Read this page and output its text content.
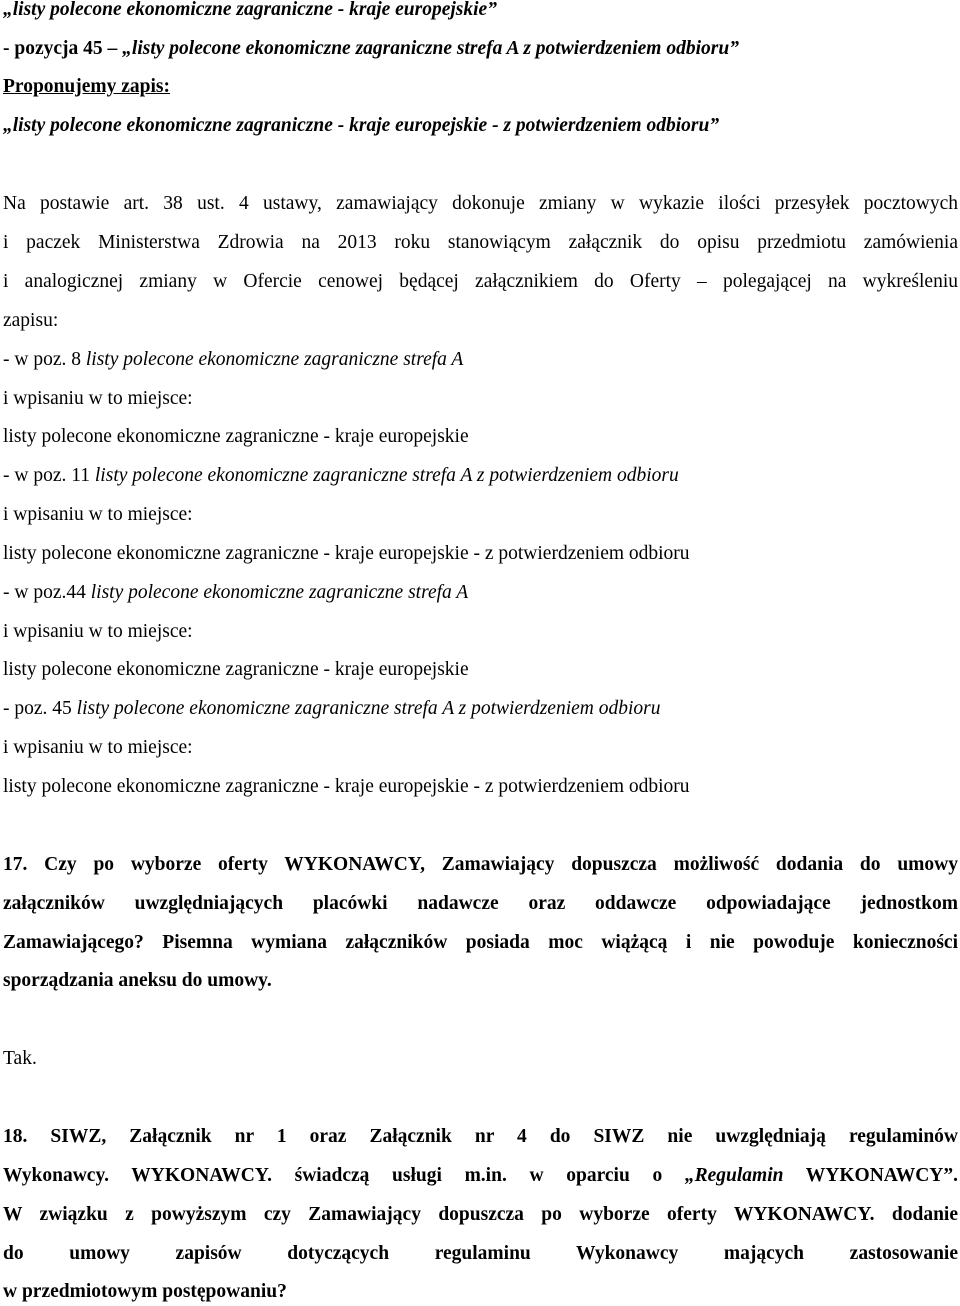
„listy polecone ekonomiczne zagraniczne - kraje europejskie”
- pozycja 45 – „listy polecone ekonomiczne zagraniczne strefa A z potwierdzeniem odbioru”
Proponujemy zapis:
„listy polecone ekonomiczne zagraniczne - kraje europejskie - z potwierdzeniem odbioru”
Na postawie art. 38 ust. 4 ustawy, zamawiający dokonuje zmiany w wykazie ilości przesyłek pocztowych
i paczek Ministerstwa Zdrowia na 2013 roku stanowiącym załącznik do opisu przedmiotu zamówienia
i analogicznej zmiany w Ofercie cenowej będącej załącznikiem do Oferty – polegającej na wykreśleniu
zapisu:
- w poz. 8 listy polecone ekonomiczne zagraniczne strefa A
i wpisaniu w to miejsce:
listy polecone ekonomiczne zagraniczne - kraje europejskie
- w poz. 11 listy polecone ekonomiczne zagraniczne strefa A z potwierdzeniem odbioru
i wpisaniu w to miejsce:
listy polecone ekonomiczne zagraniczne - kraje europejskie - z potwierdzeniem odbioru
- w poz.44 listy polecone ekonomiczne zagraniczne strefa A
i wpisaniu w to miejsce:
listy polecone ekonomiczne zagraniczne - kraje europejskie
- poz. 45 listy polecone ekonomiczne zagraniczne strefa A z potwierdzeniem odbioru
i wpisaniu w to miejsce:
listy polecone ekonomiczne zagraniczne - kraje europejskie - z potwierdzeniem odbioru
17. Czy po wyborze oferty WYKONAWCY, Zamawiający dopuszcza możliwość dodania do umowy
załączników uwzględniających placówki nadawcze oraz oddawcze odpowiadające jednostkom
Zamawiającego? Pisemna wymiana załączników posiada moc wiążącą i nie powoduje konieczności
sporządzania aneksu do umowy.
Tak.
18. SIWZ, Załącznik nr 1 oraz Załącznik nr 4 do SIWZ nie uwzględniają regulaminów
Wykonawcy. WYKONAWCY. świadczą usługi m.in. w oparciu o „Regulamin WYKONAWCY”.
W związku z powyższym czy Zamawiający dopuszcza po wyborze oferty WYKONAWCY. dodanie
do umowy zapisów dotyczących regulaminu Wykonawcy mających zastosowanie
w przedmiotowym postępowaniu?
